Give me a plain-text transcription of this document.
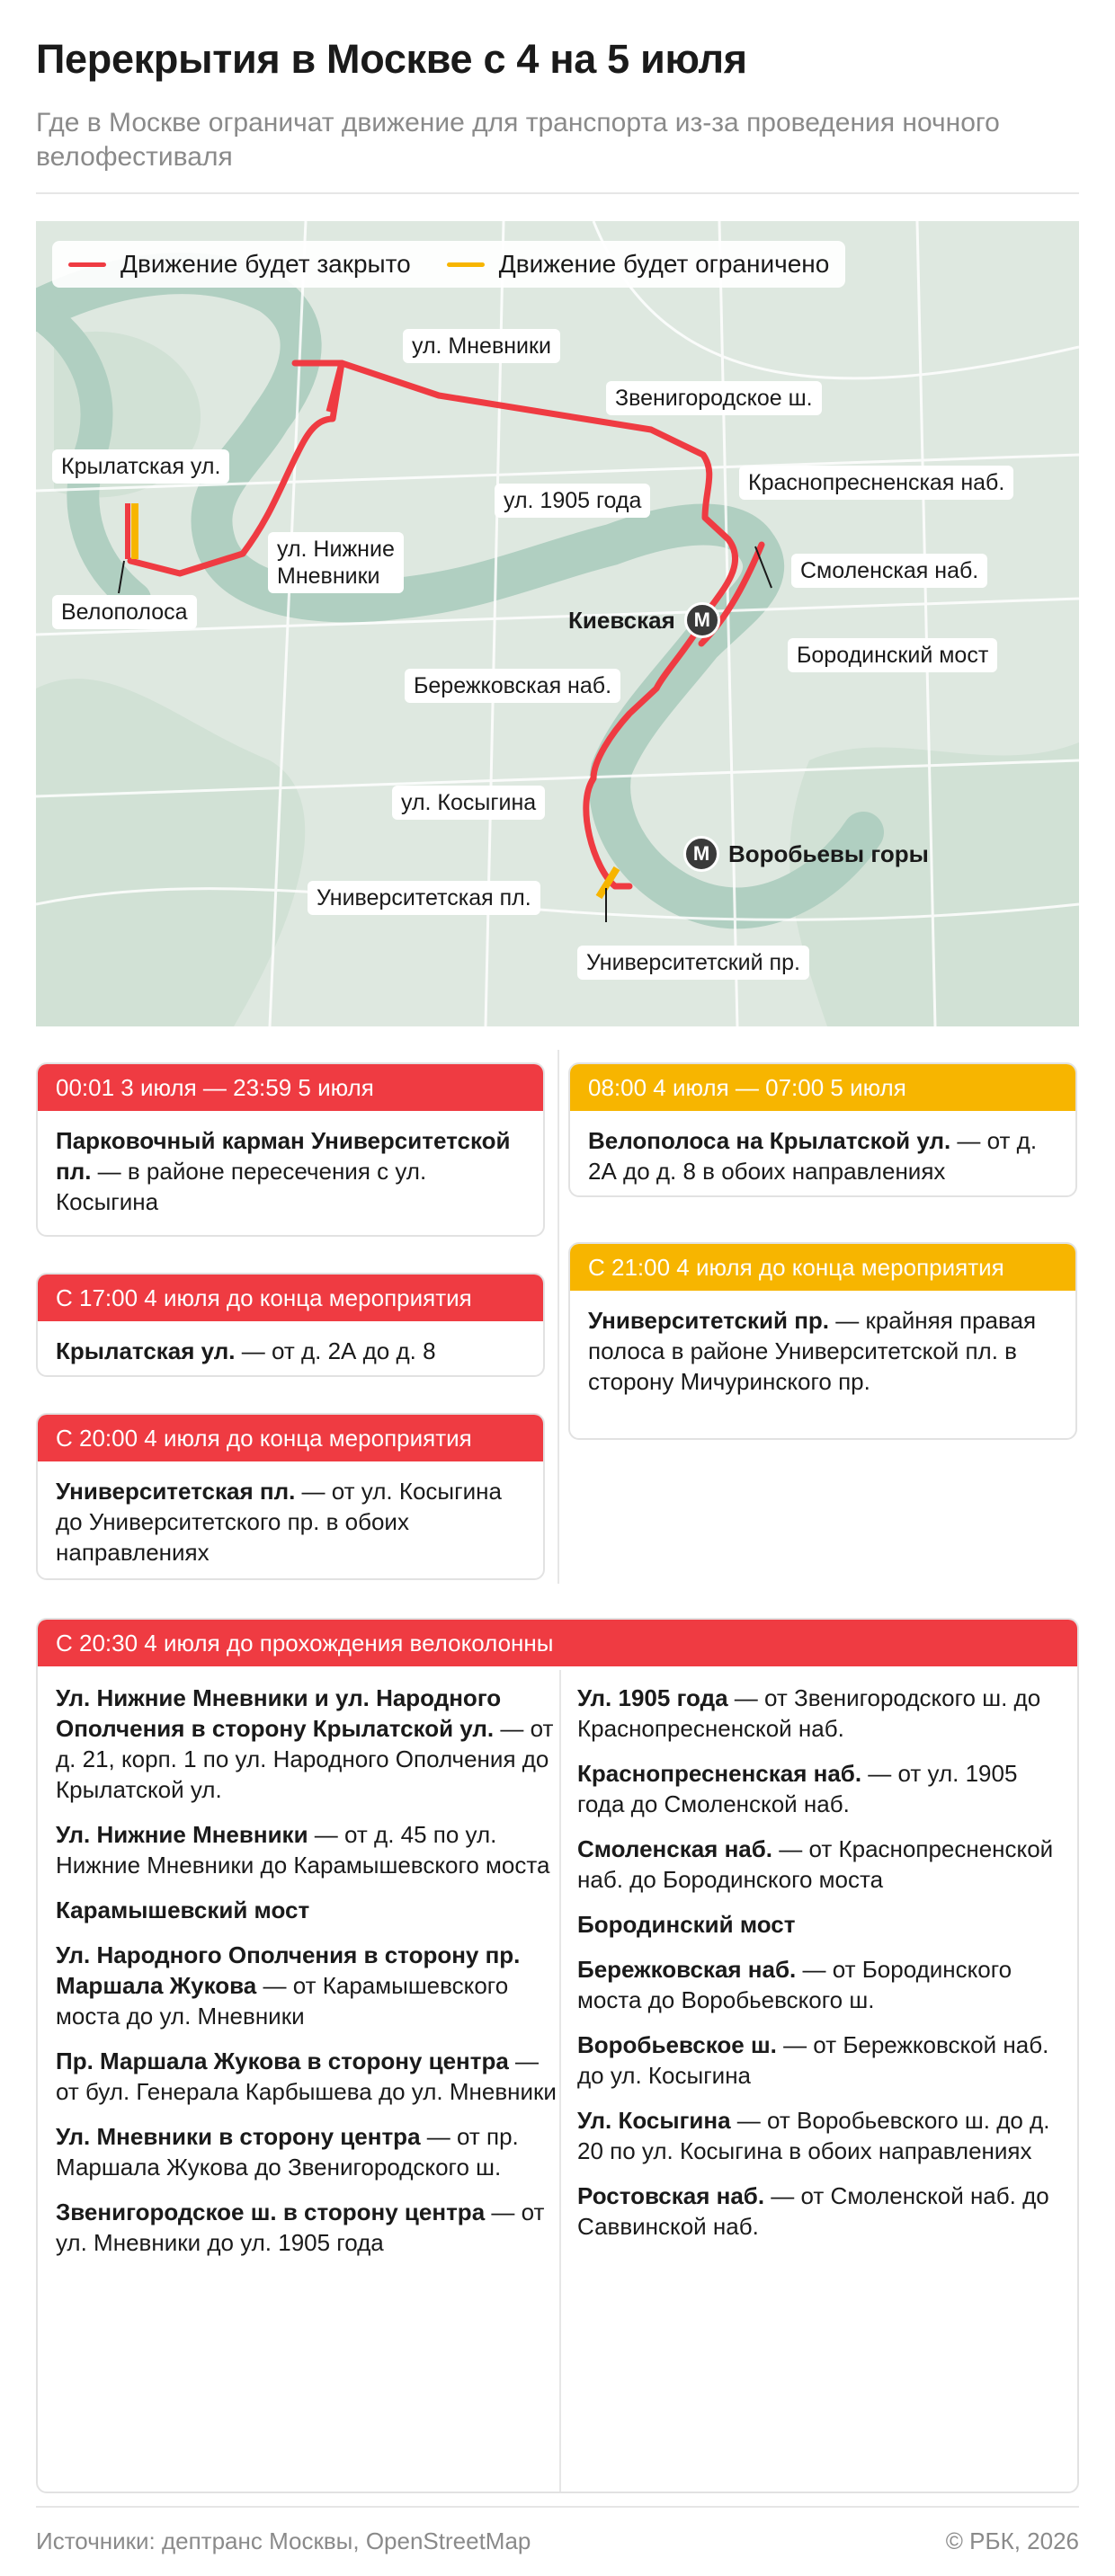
Перекрытия в Москве с 4 на 5 июля
Где в Москве ограничат движение для транспорта из-за проведения ночного велофестиваля
Движение будет закрыто	Движение будет ограничено
ул. Мневники
Звенигородское ш.
Крылатская ул.
Краснопресненская наб.
ул. 1905 года
ул. Нижние
Мневники	Смоленская наб.
Велополоса
Бородинский мост
Бережковская наб.
ул. Косыгина
Университетская пл.
Университетский пр.
Киевская М
М Воробьевы горы
00:01 3 июля — 23:59 5 июля
Парковочный карман Университетской пл. — в районе пересечения с ул. Косыгина
С 17:00 4 июля до конца мероприятия
Крылатская ул. — от д. 2А до д. 8
С 20:00 4 июля до конца мероприятия
Университетская пл. — от ул. Косыгина до Университетского пр. в обоих направлениях
08:00 4 июля — 07:00 5 июля
Велополоса на Крылатской ул. — от д. 2А до д. 8 в обоих направлениях
С 21:00 4 июля до конца мероприятия
Университетский пр. — крайняя правая полоса в районе Университетской пл. в сторону Мичуринского пр.
С 20:30 4 июля до прохождения велоколонны
Ул. Нижние Мневники и ул. Народного Ополчения в сторону Крылатской ул. — от д. 21, корп. 1 по ул. Народного Ополчения до Крылатской ул.
Ул. Нижние Мневники — от д. 45 по ул. Нижние Мневники до Карамышевского моста
Карамышевский мост
Ул. Народного Ополчения в сторону пр. Маршала Жукова — от Карамышевского моста до ул. Мневники
Пр. Маршала Жукова в сторону центра — от бул. Генерала Карбышева до ул. Мневники
Ул. Мневники в сторону центра — от пр. Маршала Жукова до Звенигородского ш.
Звенигородское ш. в сторону центра — от ул. Мневники до ул. 1905 года
Ул. 1905 года — от Звенигородского ш. до Краснопресненской наб.
Краснопресненская наб. — от ул. 1905 года до Смоленской наб.
Смоленская наб. — от Краснопресненской наб. до Бородинского моста
Бородинский мост
Бережковская наб. — от Бородинского моста до Воробьевского ш.
Воробьевское ш. — от Бережковской наб. до ул. Косыгина
Ул. Косыгина — от Воробьевского ш. до д. 20 по ул. Косыгина в обоих направлениях
Ростовская наб. — от Смоленской наб. до Саввинской наб.
Источники: дептранс Москвы, OpenStreetMap	© РБК, 2026
